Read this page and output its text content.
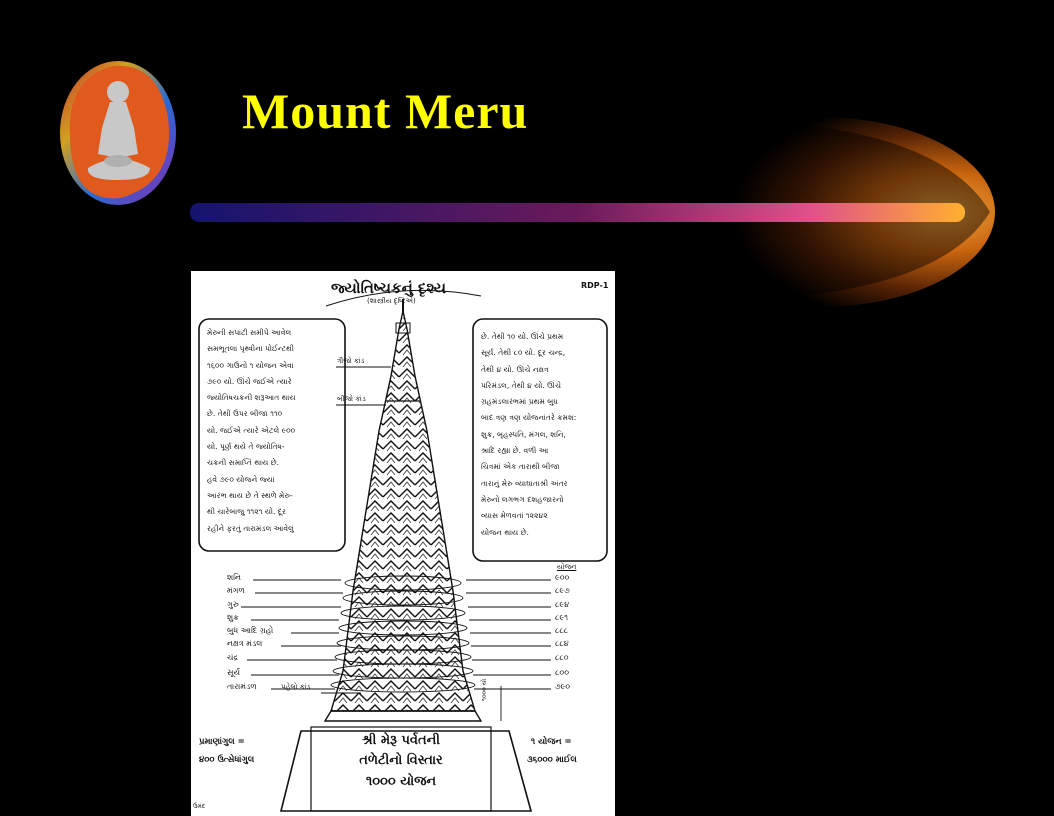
Mount Meru
જ્યોતિષ્ચકનું દૃશ્ય
(શાસ્ત્રીય દૃષ્ટિએ)
RDP-1
મેરુની સપાટી સમીપે આવેલ
સમભૂતલા પૃથ્વીના પોઈન્ટથી
૧૬૦૦ ગાઉનો ૧ યોજન એવા
૭૯૦ યો. ઊંચે જઈએ ત્યારે
જ્યોતિષચક્રની શરૂઆત થાય
છે. તેથી ઉપર બીજા ૧૧૦
યો. જઈએ ત્યારે એટલે ૯૦૦
યો. પૂર્ણ થયે તે જ્યોતિષ-
ચક્રની સમાપ્તિ થાય છે.
હવે ૭૯૦ યોજને જ્યાં
આરંભ થાય છે તે સ્થળે મેરુ-
થી ચારેબાજુ ૧૧૨૧ યો. દૂર
રહીને ફરતું તારામંડલ આવેલું
છે. તેથી ૧૦ યો. ઊંચે પ્રથમ
સૂર્ય. તેથી ૮૦ યો. દૂર ચન્દ્ર,
તેથી ૪ યો. ઊંચે નક્ષત્ર
પરિમંડલ, તેથી ૪ યો. ઊંચે
ગ્રહમંડલારંભમાં પ્રથમ બુધ
બાદ ત્રણ ત્રણ યોજનાંતરે ક્રમશ:
શુક્ર, બૃહસ્પતિ, મંગલ, શનિ,
શ્રાદિ રહ્યા છે. વળી આ
ચિત્રમાં એક તારાથી બીજા
તારાનું મેરુ વ્યાઘાતાશ્રી અંતર
મેરુનો લગભગ દશહજારનો
વ્યાસ મેળવતાં ૧૨૨૪૨
યોજન થાય છે.
ત્રીજો કાંડ
બીજો કાંડ
પહેલો કાંડ
શનિ
મંગળ
ગુરુ
શુક્ર
બુધ આદિ ગ્રહો
નક્ષત્ર મંડલ
ચંદ્ર
સૂર્ય
તારામંડળ
યોજન
૯૦૦
૮૯૭
૮૯૪
૮૯૧
૮૮૮
૮૮૪
૮૮૦
૮૦૦
૭૯૦
૧૦૦૦ યો
પ્રમાણાંગુલ =
૪૦૦ ઉત્સેધાંગુલ
શ્રી મેરૂ પર્વતની
તળેટીનો વિસ્તાર
૧૦૦૦ યોજન
૧ યોજન =
૩૬૦૦૦ માઈલ
ઉમંદ
